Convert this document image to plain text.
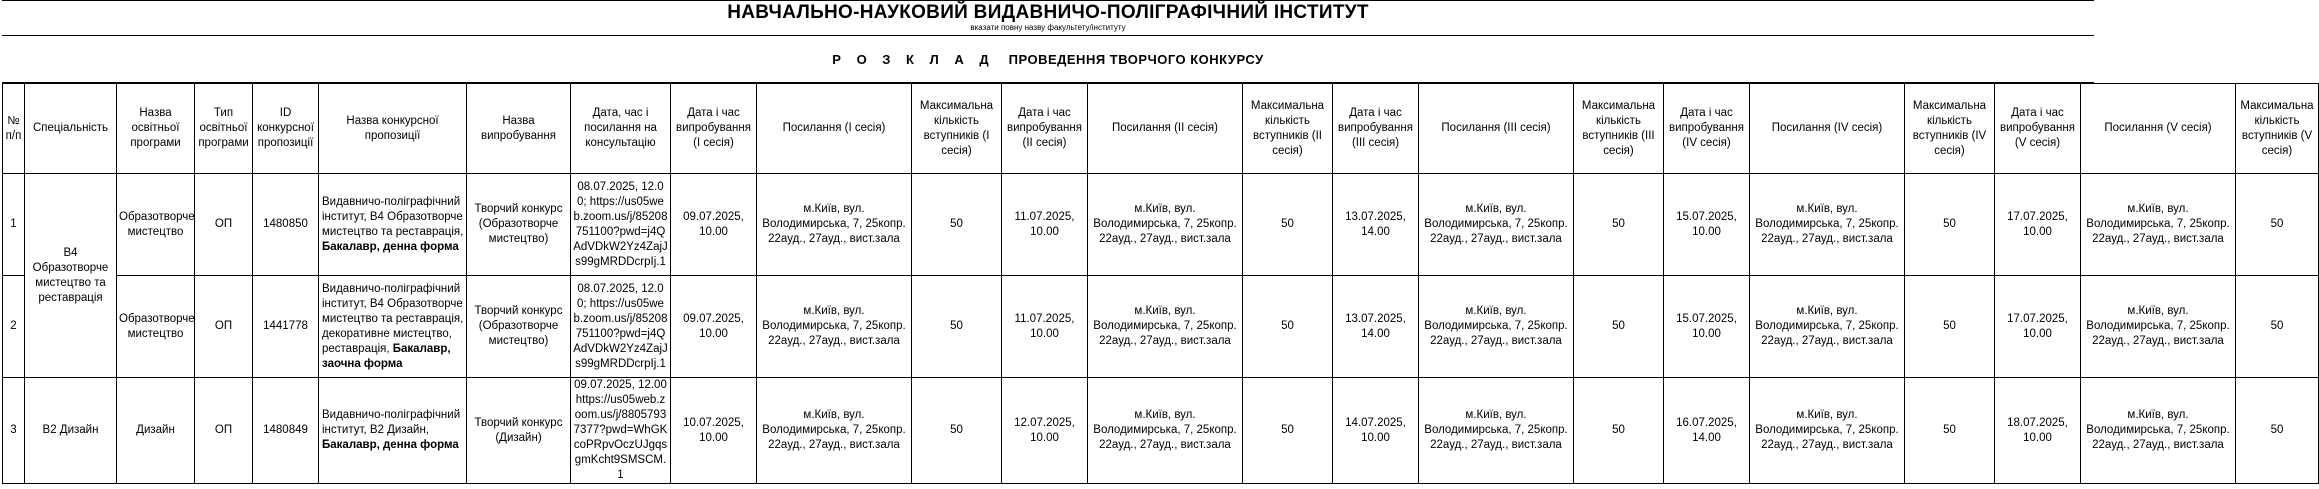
НАВЧАЛЬНО-НАУКОВИЙ ВИДАВНИЧО-ПОЛІГРАФІЧНИЙ ІНСТИТУТ
вказати повну назву факультету/інституту
Р О З К Л А Д ПРОВЕДЕННЯ ТВОРЧОГО КОНКУРСУ
№ п/п	Спеціальність	Назва освітньої програми	Тип освітньої програми	ID конкурсної пропозиції	Назва конкурсної пропозиції	Назва випробування	Дата, час і посилання на консультацію	Дата і час випробування (І сесія)	Посилання (І сесія)	Максимальна кількість вступників (І сесія)	Дата і час випробування (ІІ сесія)	Посилання (ІІ сесія)	Максимальна кількість вступників (ІІ сесія)	Дата і час випробування (ІІІ сесія)	Посилання (ІІІ сесія)	Максимальна кількість вступників (ІІІ сесія)	Дата і час випробування (IV сесія)	Посилання (IV сесія)	Максимальна кількість вступників (IV сесія)	Дата і час випробування (V сесія)	Посилання (V сесія)	Максимальна кількість вступників (V сесія)
1	В4 Образотворче мистецтво та реставрація	Образотворче мистецтво	ОП	1480850	Видавничо-поліграфічний інститут, В4 Образотворче мистецтво та реставрація, Бакалавр, денна форма	Творчий конкурс (Образотворче мистецтво)	08.07.2025, 12.00; https://us05web.zoom.us/j/85208751100?pwd=j4QAdVDkW2Yz4ZajJs99gMRDDcrpIj.1	09.07.2025, 10.00	м.Київ, вул. Володимирська, 7, 25копр. 22ауд., 27ауд., вист.зала	50	11.07.2025, 10.00	м.Київ, вул. Володимирська, 7, 25копр. 22ауд., 27ауд., вист.зала	50	13.07.2025, 14.00	м.Київ, вул. Володимирська, 7, 25копр. 22ауд., 27ауд., вист.зала	50	15.07.2025, 10.00	м.Київ, вул. Володимирська, 7, 25копр. 22ауд., 27ауд., вист.зала	50	17.07.2025, 10.00	м.Київ, вул. Володимирська, 7, 25копр. 22ауд., 27ауд., вист.зала	50
2		Образотворче мистецтво	ОП	1441778	Видавничо-поліграфічний інститут, В4 Образотворче мистецтво та реставрація, декоративне мистецтво, реставрація, Бакалавр, заочна форма	Творчий конкурс (Образотворче мистецтво)	08.07.2025, 12.00; https://us05web.zoom.us/j/85208751100?pwd=j4QAdVDkW2Yz4ZajJs99gMRDDcrpIj.1	09.07.2025, 10.00	м.Київ, вул. Володимирська, 7, 25копр. 22ауд., 27ауд., вист.зала	50	11.07.2025, 10.00	м.Київ, вул. Володимирська, 7, 25копр. 22ауд., 27ауд., вист.зала	50	13.07.2025, 14.00	м.Київ, вул. Володимирська, 7, 25копр. 22ауд., 27ауд., вист.зала	50	15.07.2025, 10.00	м.Київ, вул. Володимирська, 7, 25копр. 22ауд., 27ауд., вист.зала	50	17.07.2025, 10.00	м.Київ, вул. Володимирська, 7, 25копр. 22ауд., 27ауд., вист.зала	50
3	В2 Дизайн	Дизайн	ОП	1480849	Видавничо-поліграфічний інститут, В2 Дизайн, Бакалавр, денна форма	Творчий конкурс (Дизайн)	09.07.2025, 12.00 https://us05web.zoom.us/j/88057937377?pwd=WhGKcoPRpvOczUJgqsgmKcht9SMSCM.1	10.07.2025, 10.00	м.Київ, вул. Володимирська, 7, 25копр. 22ауд., 27ауд., вист.зала	50	12.07.2025, 10.00	м.Київ, вул. Володимирська, 7, 25копр. 22ауд., 27ауд., вист.зала	50	14.07.2025, 10.00	м.Київ, вул. Володимирська, 7, 25копр. 22ауд., 27ауд., вист.зала	50	16.07.2025, 14.00	м.Київ, вул. Володимирська, 7, 25копр. 22ауд., 27ауд., вист.зала	50	18.07.2025, 10.00	м.Київ, вул. Володимирська, 7, 25копр. 22ауд., 27ауд., вист.зала	50
